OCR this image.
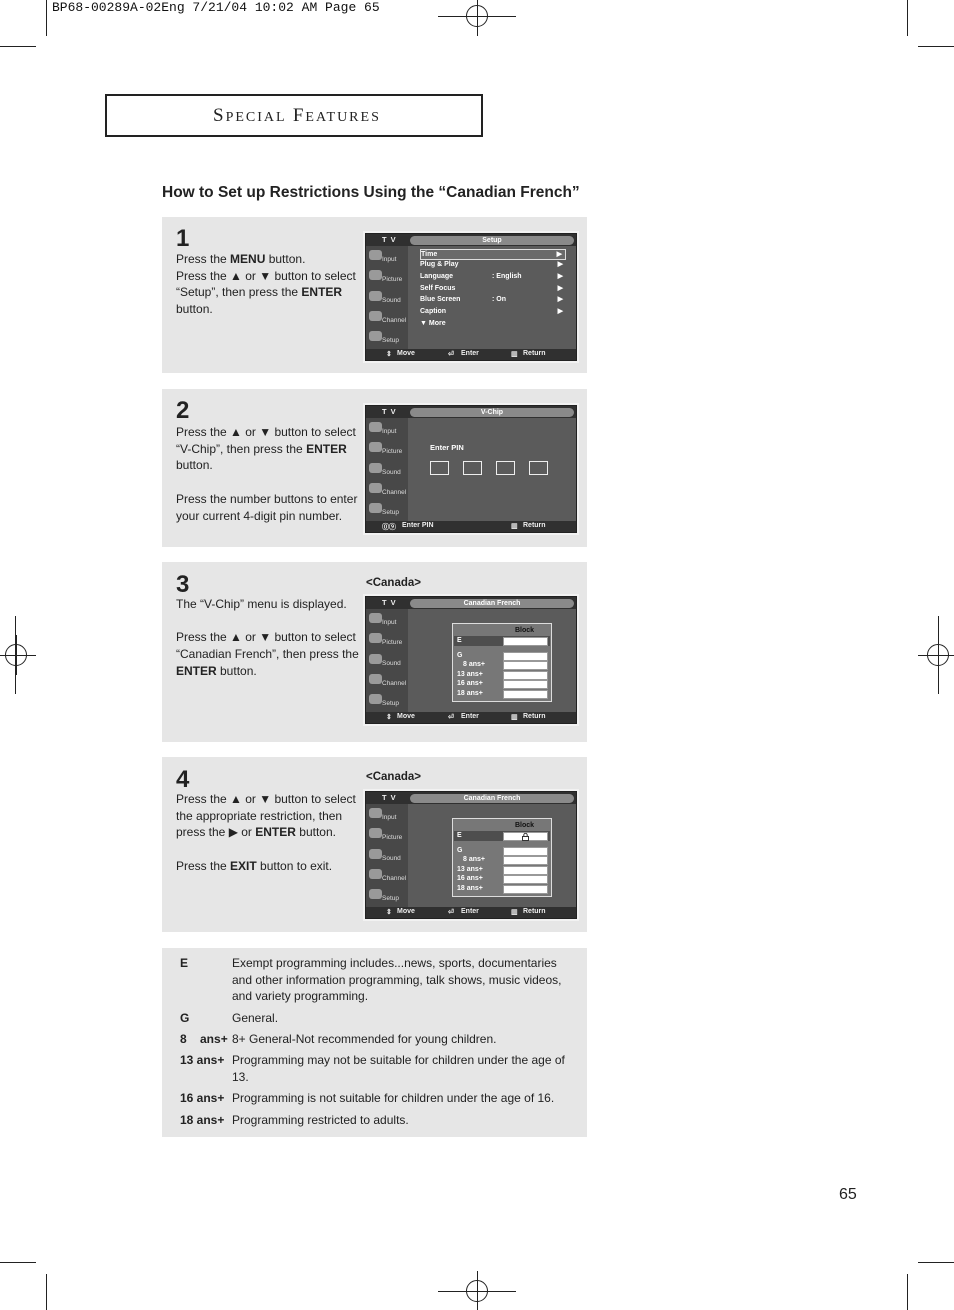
BP68-00289A-02Eng 7/21/04 10:02 AM Page 65
SPECIAL FEATURES
How to Set up Restrictions Using the “Canadian French”
1
Press the MENU button.
Press the ▲ or ▼ button to select “Setup”, then press the ENTER button.
T V	Setup
Input
Picture
Sound
Channel
Setup
Time	▶
Plug & Play	▶
Language	: English	▶
Self Focus	▶
Blue Screen	: On	▶
Caption	▶
▼ More
⇕ Move	⏎ Enter	▥ Return
2

Press the ▲ or ▼ button to select “V-Chip”, then press the ENTER button.

Press the number buttons to enter your current 4-digit pin number.

T V	V-Chip
Input
Picture
Sound
Channel
Setup
Enter PIN
⓪⑨ Enter PIN	▥ Return
3

The “V-Chip” menu is displayed.

Press the ▲ or ▼ button to select “Canadian French”, then press the ENTER button.

<Canada>
T V	Canadian French
Input
Picture
Sound
Channel
Setup
Block
E
G
8 ans+
13 ans+
16 ans+
18 ans+
⇕ Move	⏎ Enter	▥ Return
4

Press the ▲ or ▼ button to select the appropriate restriction, then press the ▶ or ENTER button.

Press the EXIT button to exit.

<Canada>
T V	Canadian French
Input
Picture
Sound
Channel
Setup
Block
E
G
8 ans+
13 ans+
16 ans+
18 ans+
⇕ Move	⏎ Enter	▥ Return
E	Exempt programming includes...news, sports, documentaries and other information programming, talk shows, music videos, and variety programming.
G	General.
8    ans+ 8+ General-Not recommended for young children.
13 ans+ Programming may not be suitable for children under the age of 13.
16 ans+ Programming is not suitable for children under the age of 16.
18 ans+ Programming restricted to adults.
65
